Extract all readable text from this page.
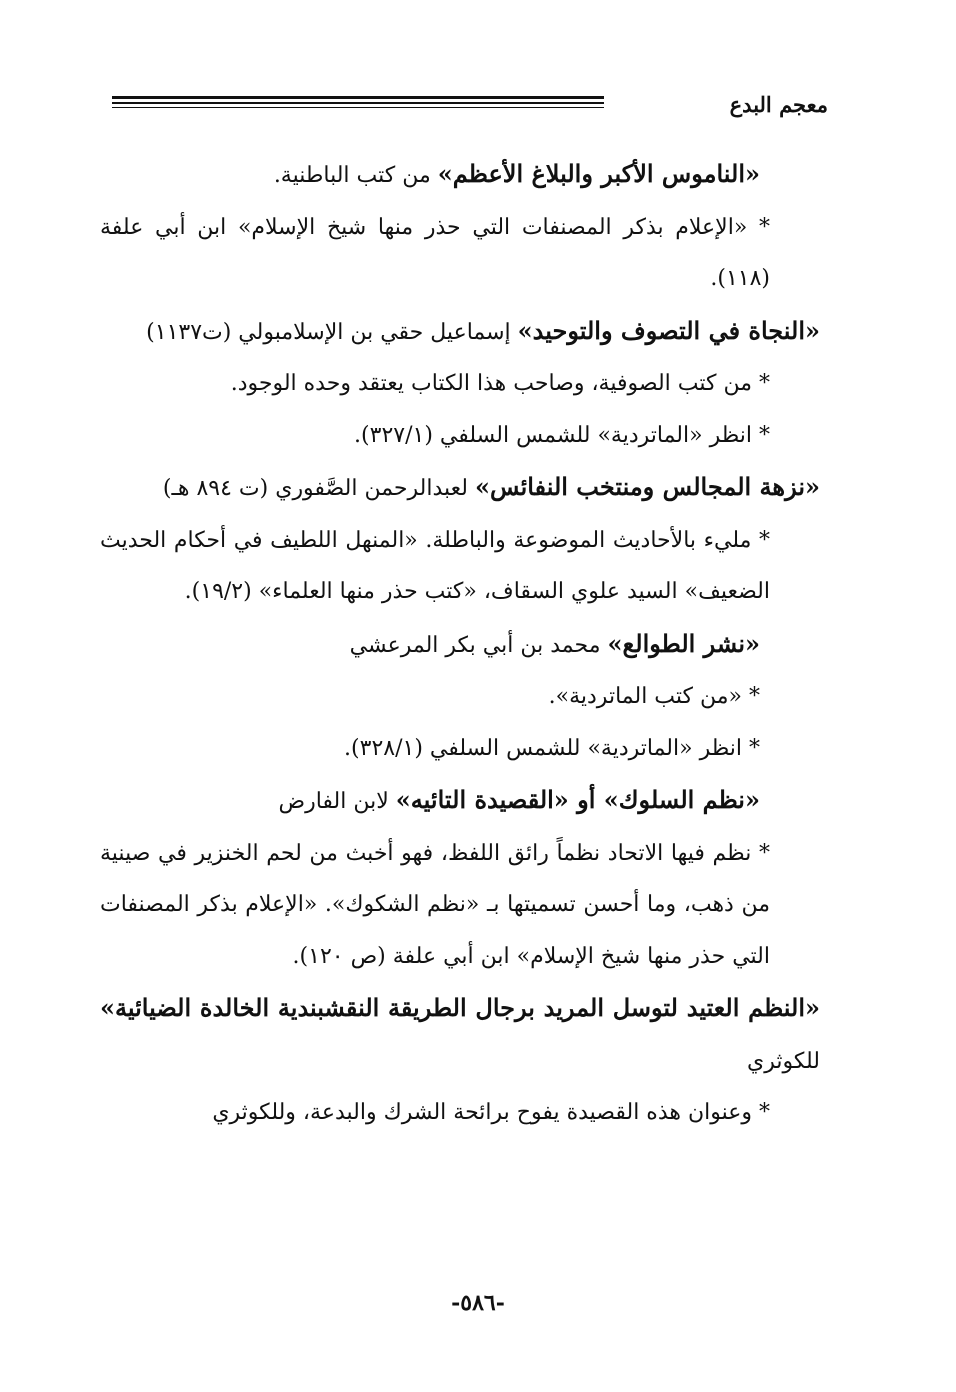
معجم البدع

«الناموس الأكبر والبلاغ الأعظم» من كتب الباطنية.

* «الإعلام بذكر المصنفات التي حذر منها شيخ الإسلام» ابن أبي علفة (١١٨).

«النجاة في التصوف والتوحيد» إسماعيل حقي بن الإسلامبولي (ت١١٣٧)

* من كتب الصوفية، وصاحب هذا الكتاب يعتقد وحده الوجود.

* انظر «الماتردية» للشمس السلفي (٣٢٧/١).

«نزهة المجالس ومنتخب النفائس» لعبدالرحمن الصَّفوري (ت ٨٩٤ هـ)

* مليء بالأحاديث الموضوعة والباطلة. «المنهل اللطيف في أحكام الحديث الضعيف» السيد علوي السقاف، «كتب حذر منها العلماء» (١٩/٢).

«نشر الطوالع» محمد بن أبي بكر المرعشي

* «من كتب الماتردية».

* انظر «الماتردية» للشمس السلفي (٣٢٨/١).

«نظم السلوك» أو «القصيدة التائيه» لابن الفارض

* نظم فيها الاتحاد نظماً رائق اللفظ، فهو أخبث من لحم الخنزير في صينية من ذهب، وما أحسن تسميتها بـ «نظم الشكوك». «الإعلام بذكر المصنفات التي حذر منها شيخ الإسلام» ابن أبي علفة (ص ١٢٠).

«النظم العتيد لتوسل المريد برجال الطريقة النقشبندية الخالدة الضيائية» للكوثري

* وعنوان هذه القصيدة يفوح برائحة الشرك والبدعة، وللكوثري

-٥٨٦-
